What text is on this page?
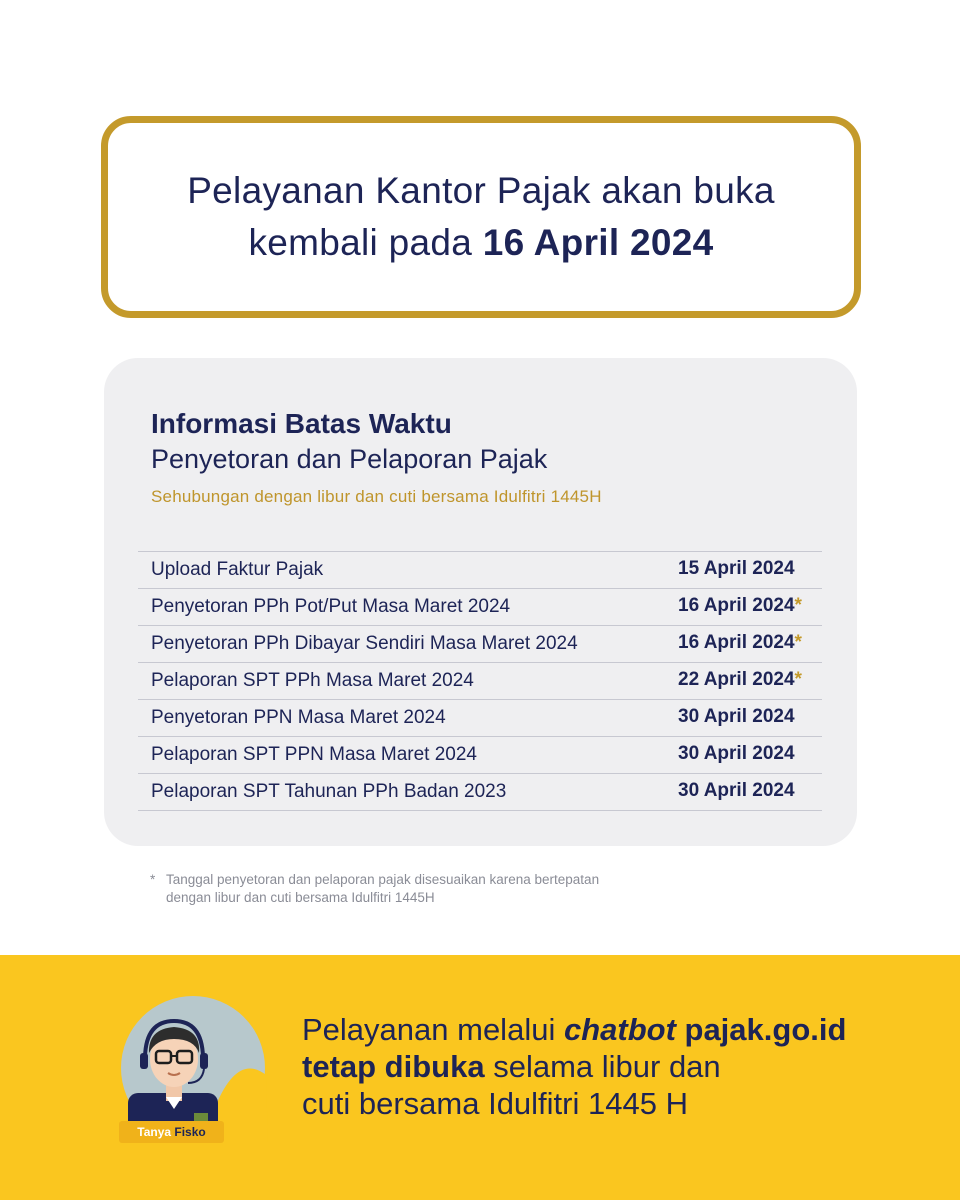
Pelayanan Kantor Pajak akan buka
kembali pada 16 April 2024
Informasi Batas Waktu
Penyetoran dan Pelaporan Pajak
Sehubungan dengan libur dan cuti bersama Idulfitri 1445H
Upload Faktur Pajak	15 April 2024
Penyetoran PPh Pot/Put Masa Maret 2024	16 April 2024*
Penyetoran PPh Dibayar Sendiri Masa Maret 2024	16 April 2024*
Pelaporan SPT PPh Masa Maret 2024	22 April 2024*
Penyetoran PPN Masa Maret 2024	30 April 2024
Pelaporan SPT PPN Masa Maret 2024	30 April 2024
Pelaporan SPT Tahunan PPh Badan 2023	30 April 2024
* Tanggal penyetoran dan pelaporan pajak disesuaikan karena bertepatan dengan libur dan cuti bersama Idulfitri 1445H
Tanya Fisko
Pelayanan melalui chatbot pajak.go.id
tetap dibuka selama libur dan
cuti bersama Idulfitri 1445 H
